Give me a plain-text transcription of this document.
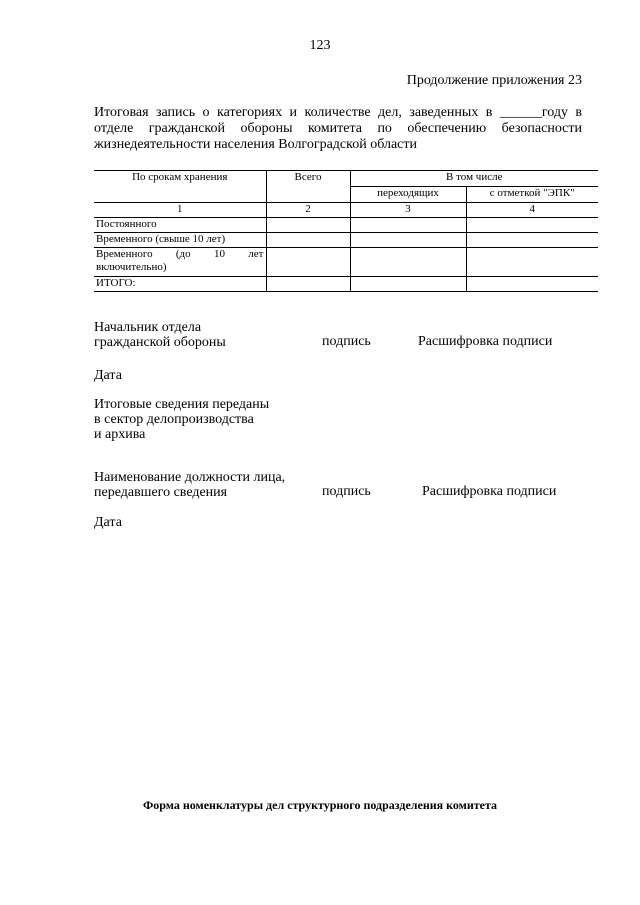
123
Продолжение приложения 23
Итоговая запись о категориях и количестве дел, заведенных в ______году в
отделе гражданской обороны комитета по обеспечению безопасности
жизнедеятельности населения Волгоградской области
По срокам хранения	Всего	В том числе	
		переходящих	с отметкой "ЭПК"
1	2	3	4
Постоянного			
Временного (свыше 10 лет)			

Временного (до 10 лет
включительно)			

ИТОГО:			
Начальник отдела
гражданской обороны	подпись	Расшифровка подписи
Дата
Итоговые сведения переданы
в сектор делопроизводства
и архива
Наименование должности лица,
передавшего сведения	подпись	Расшифровка подписи
Дата
Форма номенклатуры дел структурного подразделения комитета
